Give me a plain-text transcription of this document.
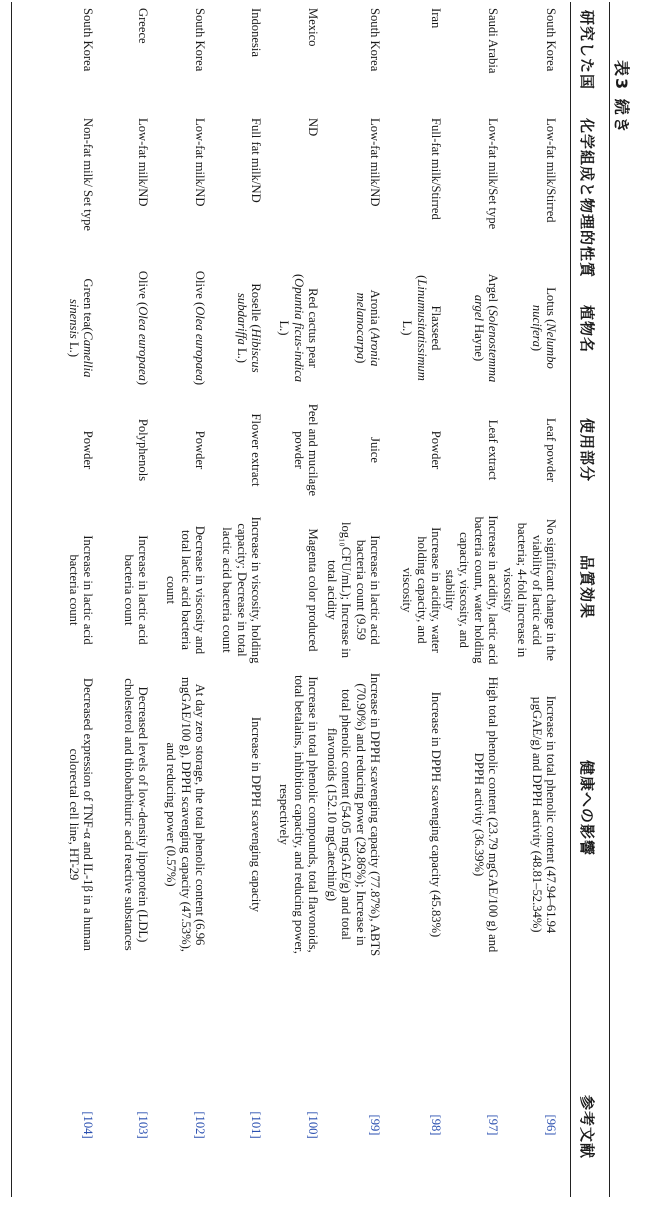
表3 続き
研究した国
化学組成と物理的性質
植物名
使用部分
品質効果
健康への影響
参考文献
South Korea
Low-fat milk/Stirred
Lotus (Nelumbo nucifera)
Leaf powder
No significant change in the viability of lactic acid bacteria; 4-fold increase in viscosity
Increase in total phenolic content (47.94–61.94 µgGAE/g) and DPPH activity (48.81–52.34%)
[96]
Saudi Arabia
Low-fat milk/Set type
Argel (Solenostemma argel Hayne)
Leaf extract
Increase in acidity, lactic acid bacteria count, water holding capacity, viscosity, and stability
High total phenolic content (23.79 mgGAE/100 g) and DPPH activity (36.39%)
[97]
Iran
Full-fat milk/Stirred
Flaxseed (Linumusitatissimum L.)
Powder
Increase in acidity, water holding capacity, and viscosity
Increase in DPPH scavenging capacity (45.83%)
[98]
South Korea
Low-fat milk/ND
Aronia (Aronia melanocarpa)
Juice
Increase in lactic acid bacteria count (9.59 log₁₀CFU/mL); Increase in total acidity
Increase in DPPH scavenging capacity (77.87%), ABTS (70.90%) and reducing power (29.86%); Increase in total phenolic content (54.05 mgGAE/g) and total flavonoids (152.10 mgCatechin/g)
[99]
Mexico
ND
Red cactus pear (Opuntia ficus-indica L.)
Peel and mucilage powder
Magenta color produced
Increase in total phenolic compounds, total flavonoids, total betalains, inhibition capacity, and reducing power, respectively
[100]
Indonesia
Full fat milk/ND
Roselle (Hibiscus subdariffa L.)
Flower extract
Increase in viscosity, holding capacity; Decrease in total lactic acid bacteria count
Increase in DPPH scavenging capacity
[101]
South Korea
Low-fat milk/ND
Olive (Olea europaea)
Powder
Decrease in viscosity and total lactic acid bacteria count
At day zero storage, the total phenolic content (6.96 mgGAE/100 g), DPPH scavenging capacity (47.53%), and reducing power (0.57%)
[102]
Greece
Low-fat milk/ND
Olive (Olea europaea)
Polyphenols
Increase in lactic acid bacteria count
Decreased levels of low-density lipoprotein (LDL) cholesterol and thiobarbituric acid reactive substances
[103]
South Korea
Non-fat milk/ Set type
Green tea(Camellia sinensis L.)
Powder
Increase in lactic acid bacteria count
Decreased expression of TNF-α and IL-1β in a human colorectal cell line, HT-29
[104]
